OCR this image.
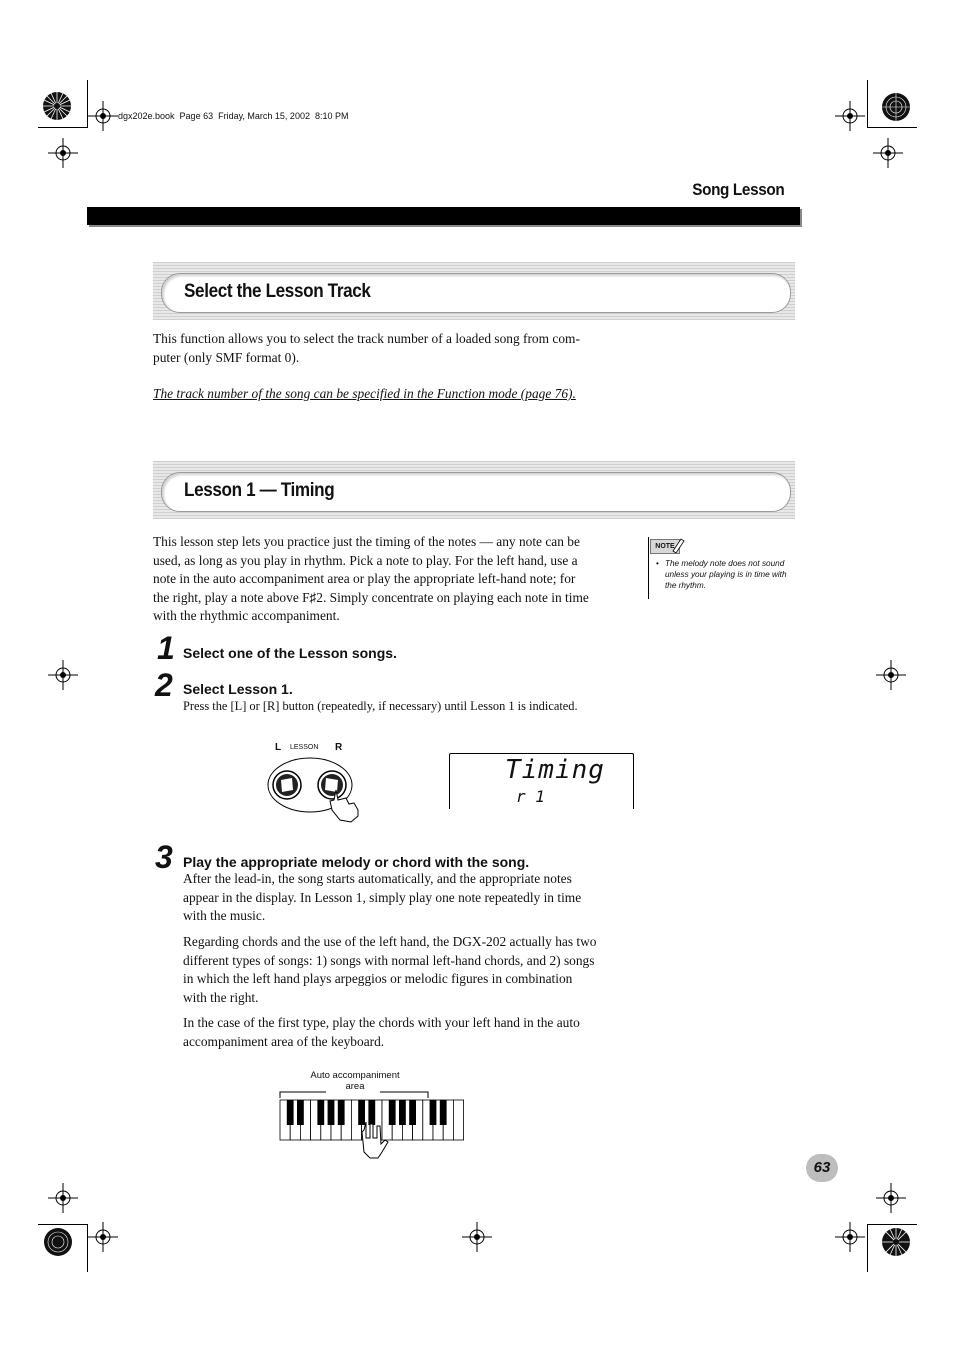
dgx202e.book  Page 63  Friday, March 15, 2002  8:10 PM
Song Lesson
Select the Lesson Track
This function allows you to select the track number of a loaded song from com-
puter (only SMF format 0).
The track number of the song can be specified in the Function mode (page 76).
Lesson 1 — Timing
This lesson step lets you practice just the timing of the notes — any note can be
used, as long as you play in rhythm. Pick a note to play. For the left hand, use a
note in the auto accompaniment area or play the appropriate left-hand note; for
the right, play a note above F♯2. Simply concentrate on playing each note in time
with the rhythmic accompaniment.
NOTE
• The melody note does not sound
unless your playing is in time with
the rhythm.
1 Select one of the Lesson songs.
2 Select Lesson 1.
Press the [L] or [R] button (repeatedly, if necessary) until Lesson 1 is indicated.
L LESSON R
Timing
r 1
3 Play the appropriate melody or chord with the song.
After the lead-in, the song starts automatically, and the appropriate notes
appear in the display. In Lesson 1, simply play one note repeatedly in time
with the music.
Regarding chords and the use of the left hand, the DGX-202 actually has two
different types of songs: 1) songs with normal left-hand chords, and 2) songs
in which the left hand plays arpeggios or melodic figures in combination
with the right.
In the case of the first type, play the chords with your left hand in the auto
accompaniment area of the keyboard.
Auto accompaniment
area
63
